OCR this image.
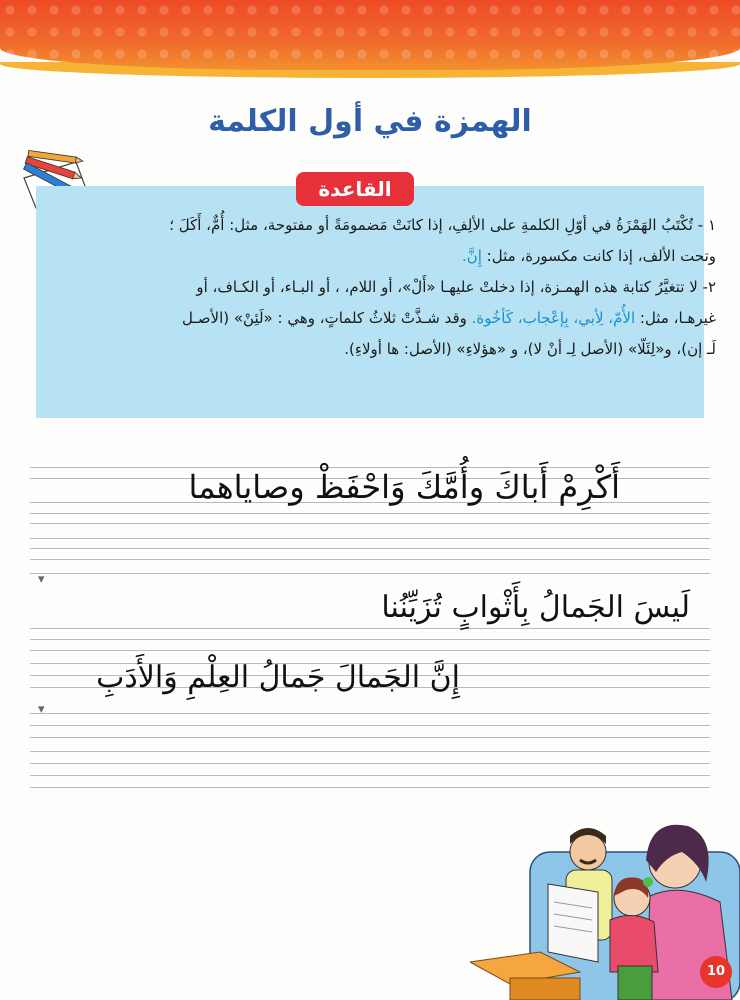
الهمزة في أول الكلمة
القاعدة

١ - تُكْتَبُ الهَمْزَةُ في أوّلِ الكلمةِ على الألِفِ، إذا كانَتْ مَضمومَةً أو مفتوحة، مثل: أُمٌّ، أَكَلَ ؛

وتحت الألف، إذا كانت مكسورة، مثل: إِنَّ.

٢- لا تتغيَّرُ كتابة هذه الهمـزة، إذا دخلتْ عليهـا «أَلْ»، أو اللام، ، أو البـاء، أو الكـاف، أو

غيرهـا، مثل: الأُمّ، لِأبي، بِإعْجاب، كَأخُوة. وقد شـذَّتْ ثلاثُ كلماتٍ، وهي : «لَئِنْ» (الأصـل

لَـ إن)، و«لِئَلّا» (الأصل لِـ أنْ لا)، و «هؤلاءِ» (الأصل: ها أولاءِ).

أَكْرِمْ أَباكَ وأُمَّكَ وَاحْفَظْ وصاياهما
لَيسَ الجَمالُ بِأَثْوابٍ تُزَيِّنُنا
إِنَّ الجَمالَ جَمالُ العِلْمِ وَالأَدَبِ
▾
▾
10
